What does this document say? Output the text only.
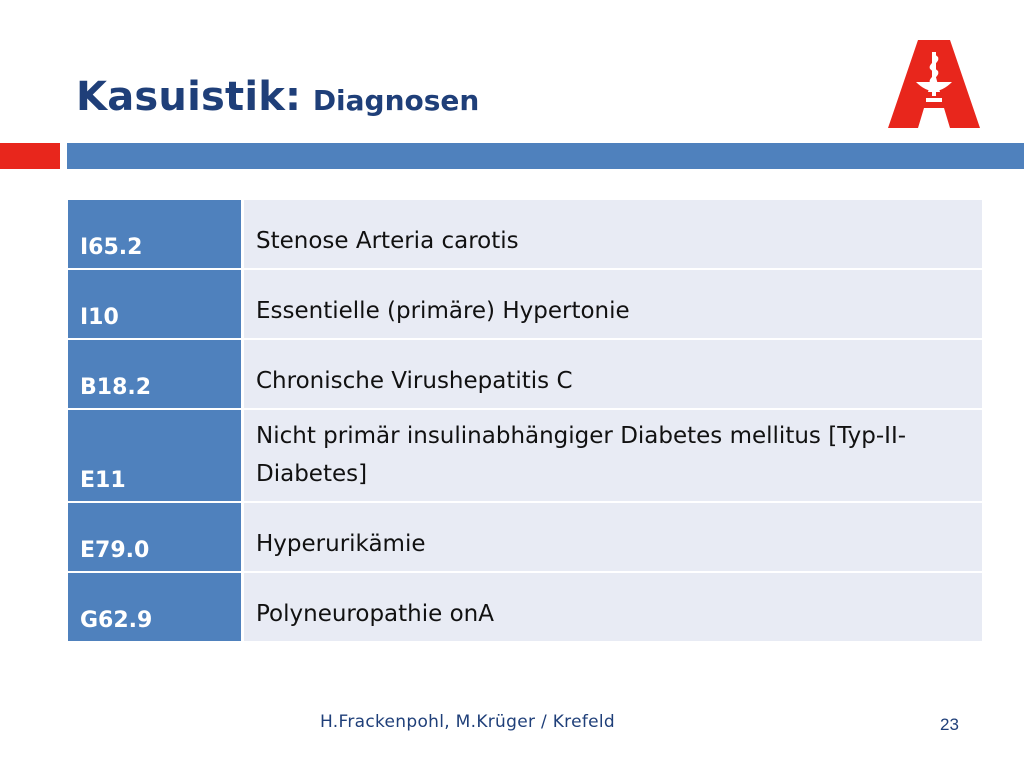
Kasuistik: Diagnosen
I65.2	Stenose Arteria carotis
I10	Essentielle (primäre) Hypertonie
B18.2	Chronische Virushepatitis C
E11	Nicht primär insulinabhängiger Diabetes mellitus [Typ-II-Diabetes]
E79.0	Hyperurikämie
G62.9	Polyneuropathie onA
H.Frackenpohl, M.Krüger / Krefeld	23
